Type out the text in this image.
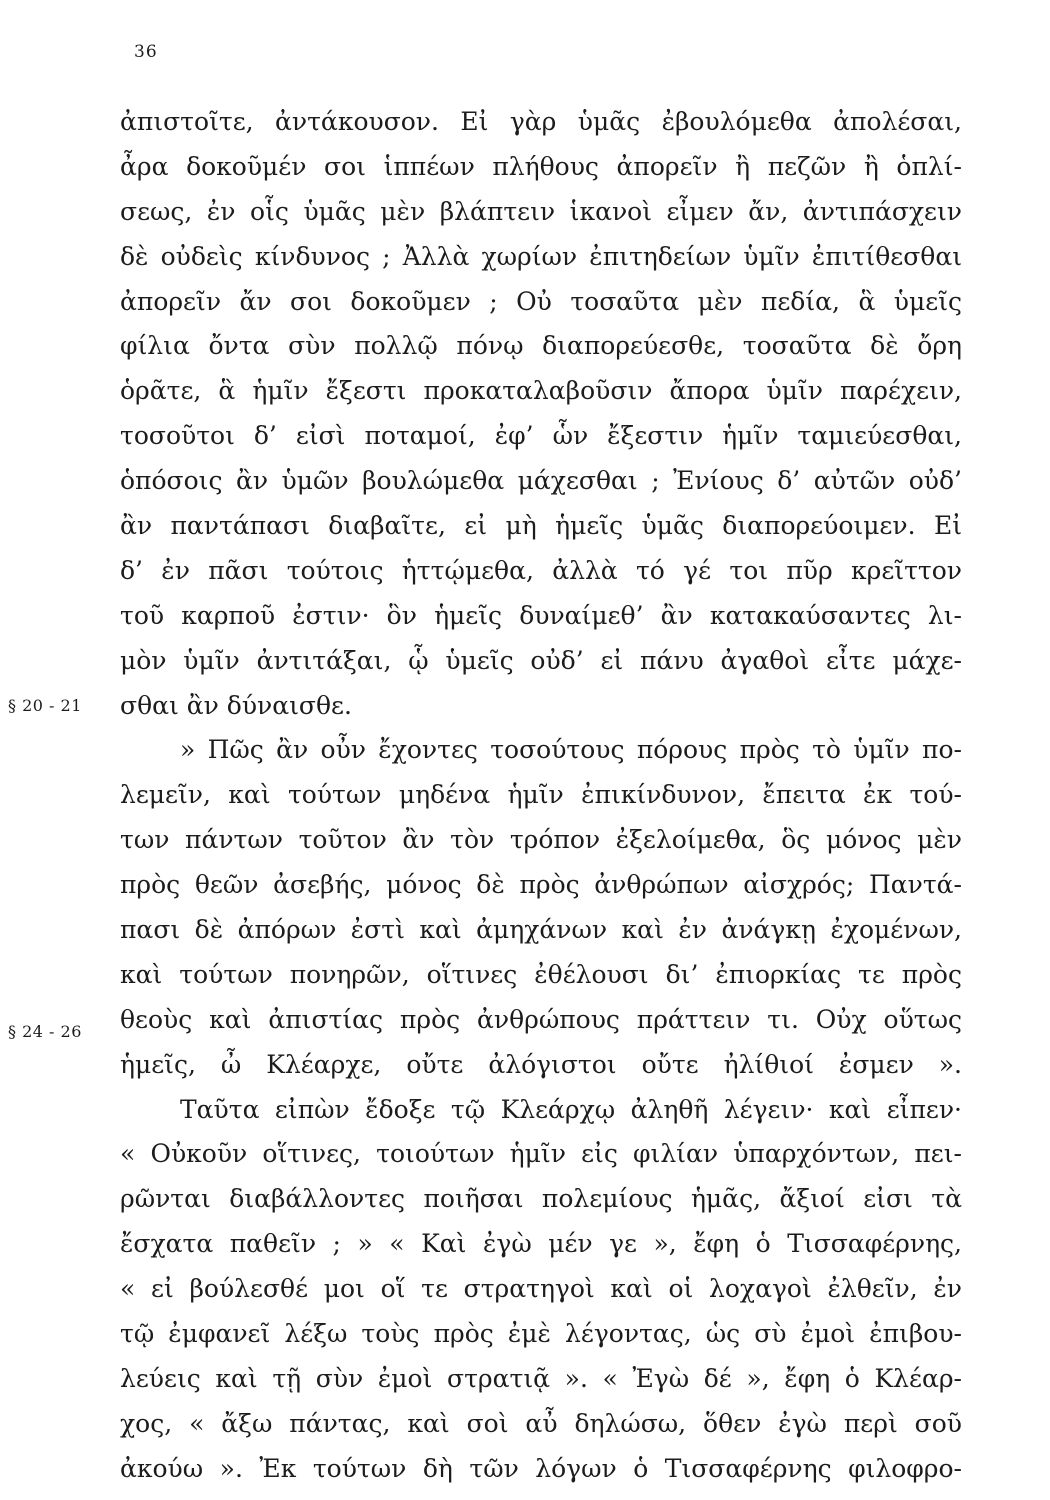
36
§ 20 - 21
§ 24 - 26
ἀπιστοῖτε, ἀντάκουσον. Εἰ γὰρ ὑμᾶς ἐβουλόμεθα ἀπολέσαι,
ἆρα δοκοῦμέν σοι ἱππέων πλήθους ἀπορεῖν ἢ πεζῶν ἢ ὁπλί-
σεως, ἐν οἷς ὑμᾶς μὲν βλάπτειν ἱκανοὶ εἶμεν ἄν, ἀντιπάσχειν
δὲ οὐδεὶς κίνδυνος ; Ἀλλὰ χωρίων ἐπιτηδείων ὑμῖν ἐπιτίθεσθαι
ἀπορεῖν ἄν σοι δοκοῦμεν ; Οὐ τοσαῦτα μὲν πεδία, ἃ ὑμεῖς
φίλια ὄντα σὺν πολλῷ πόνῳ διαπορεύεσθε, τοσαῦτα δὲ ὄρη
ὁρᾶτε, ἃ ἡμῖν ἔξεστι προκαταλαβοῦσιν ἄπορα ὑμῖν παρέχειν,
τοσοῦτοι δ’ εἰσὶ ποταμοί, ἐφ’ ὧν ἔξεστιν ἡμῖν ταμιεύεσθαι,
ὁπόσοις ἂν ὑμῶν βουλώμεθα μάχεσθαι ; Ἐνίους δ’ αὐτῶν οὐδ’
ἂν παντάπασι διαβαῖτε, εἰ μὴ ἡμεῖς ὑμᾶς διαπορεύοιμεν. Εἰ
δ’ ἐν πᾶσι τούτοις ἡττῴμεθα, ἀλλὰ τό γέ τοι πῦρ κρεῖττον
τοῦ καρποῦ ἐστιν· ὃν ἡμεῖς δυναίμεθ’ ἂν κατακαύσαντες λι-
μὸν ὑμῖν ἀντιτάξαι, ᾧ ὑμεῖς οὐδ’ εἰ πάνυ ἀγαθοὶ εἶτε μάχε-
σθαι ἂν δύναισθε.
» Πῶς ἂν οὖν ἔχοντες τοσούτους πόρους πρὸς τὸ ὑμῖν πο-
λεμεῖν, καὶ τούτων μηδένα ἡμῖν ἐπικίνδυνον, ἔπειτα ἐκ τού-
των πάντων τοῦτον ἂν τὸν τρόπον ἐξελοίμεθα, ὃς μόνος μὲν
πρὸς θεῶν ἀσεβής, μόνος δὲ πρὸς ἀνθρώπων αἰσχρός; Παντά-
πασι δὲ ἀπόρων ἐστὶ καὶ ἀμηχάνων καὶ ἐν ἀνάγκῃ ἐχομένων,
καὶ τούτων πονηρῶν, οἵτινες ἐθέλουσι δι’ ἐπιορκίας τε πρὸς
θεοὺς καὶ ἀπιστίας πρὸς ἀνθρώπους πράττειν τι. Οὐχ οὕτως
ἡμεῖς, ὦ Κλέαρχε, οὔτε ἀλόγιστοι οὔτε ἠλίθιοί ἐσμεν ».
Ταῦτα εἰπὼν ἔδοξε τῷ Κλεάρχῳ ἀληθῆ λέγειν· καὶ εἶπεν·
« Οὐκοῦν οἵτινες, τοιούτων ἡμῖν εἰς φιλίαν ὑπαρχόντων, πει-
ρῶνται διαβάλλοντες ποιῆσαι πολεμίους ἡμᾶς, ἄξιοί εἰσι τὰ
ἔσχατα παθεῖν ; » « Καὶ ἐγὼ μέν γε », ἔφη ὁ Τισσαφέρνης,
« εἰ βούλεσθέ μοι οἵ τε στρατηγοὶ καὶ οἱ λοχαγοὶ ἐλθεῖν, ἐν
τῷ ἐμφανεῖ λέξω τοὺς πρὸς ἐμὲ λέγοντας, ὡς σὺ ἐμοὶ ἐπιβου-
λεύεις καὶ τῇ σὺν ἐμοὶ στρατιᾷ ». « Ἐγὼ δέ », ἔφη ὁ Κλέαρ-
χος, « ἄξω πάντας, καὶ σοὶ αὖ δηλώσω, ὅθεν ἐγὼ περὶ σοῦ
ἀκούω ». Ἐκ τούτων δὴ τῶν λόγων ὁ Τισσαφέρνης φιλοφρο-
